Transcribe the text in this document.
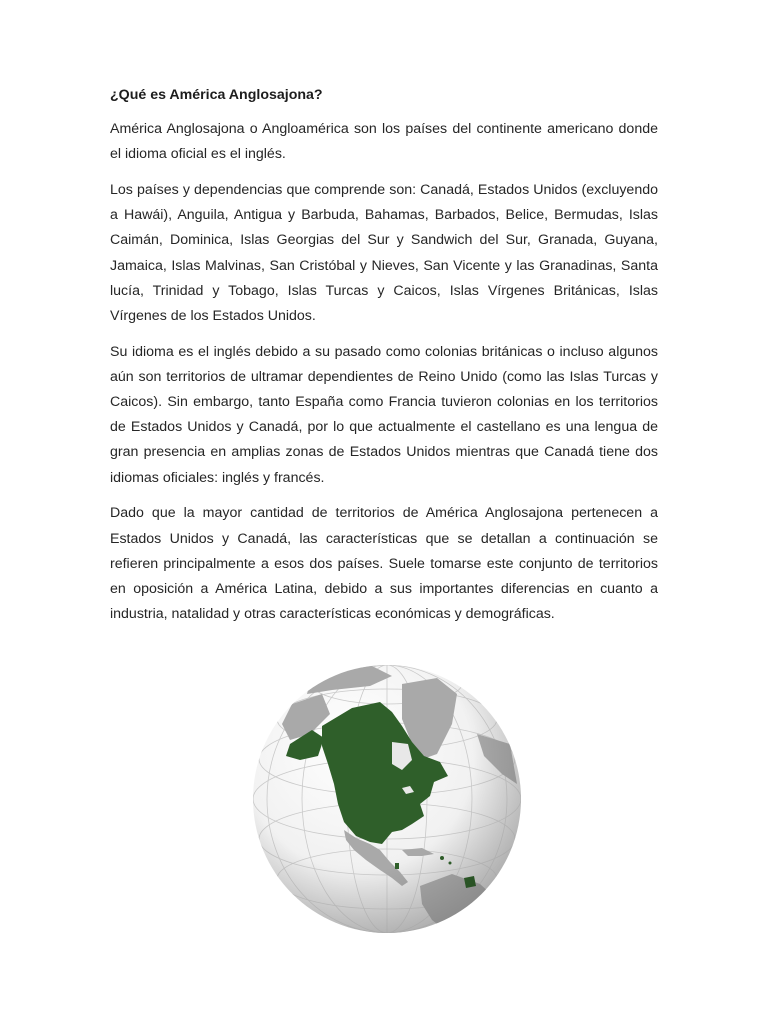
¿Qué es América Anglosajona?

América Anglosajona o Angloamérica son los países del continente americano donde el idioma oficial es el inglés.

Los países y dependencias que comprende son: Canadá, Estados Unidos (excluyendo a Hawái), Anguila, Antigua y Barbuda, Bahamas, Barbados, Belice, Bermudas, Islas Caimán, Dominica, Islas Georgias del Sur y Sandwich del Sur, Granada, Guyana, Jamaica, Islas Malvinas, San Cristóbal y Nieves, San Vicente y las Granadinas, Santa lucía, Trinidad y Tobago, Islas Turcas y Caicos, Islas Vírgenes Británicas, Islas Vírgenes de los Estados Unidos.

Su idioma es el inglés debido a su pasado como colonias británicas o incluso algunos aún son territorios de ultramar dependientes de Reino Unido (como las Islas Turcas y Caicos). Sin embargo, tanto España como Francia tuvieron colonias en los territorios de Estados Unidos y Canadá, por lo que actualmente el castellano es una lengua de gran presencia en amplias zonas de Estados Unidos mientras que Canadá tiene dos idiomas oficiales: inglés y francés.

Dado que la mayor cantidad de territorios de América Anglosajona pertenecen a Estados Unidos y Canadá, las características que se detallan a continuación se refieren principalmente a esos dos países. Suele tomarse este conjunto de territorios en oposición a América Latina, debido a sus importantes diferencias en cuanto a industria, natalidad y otras características económicas y demográficas.
